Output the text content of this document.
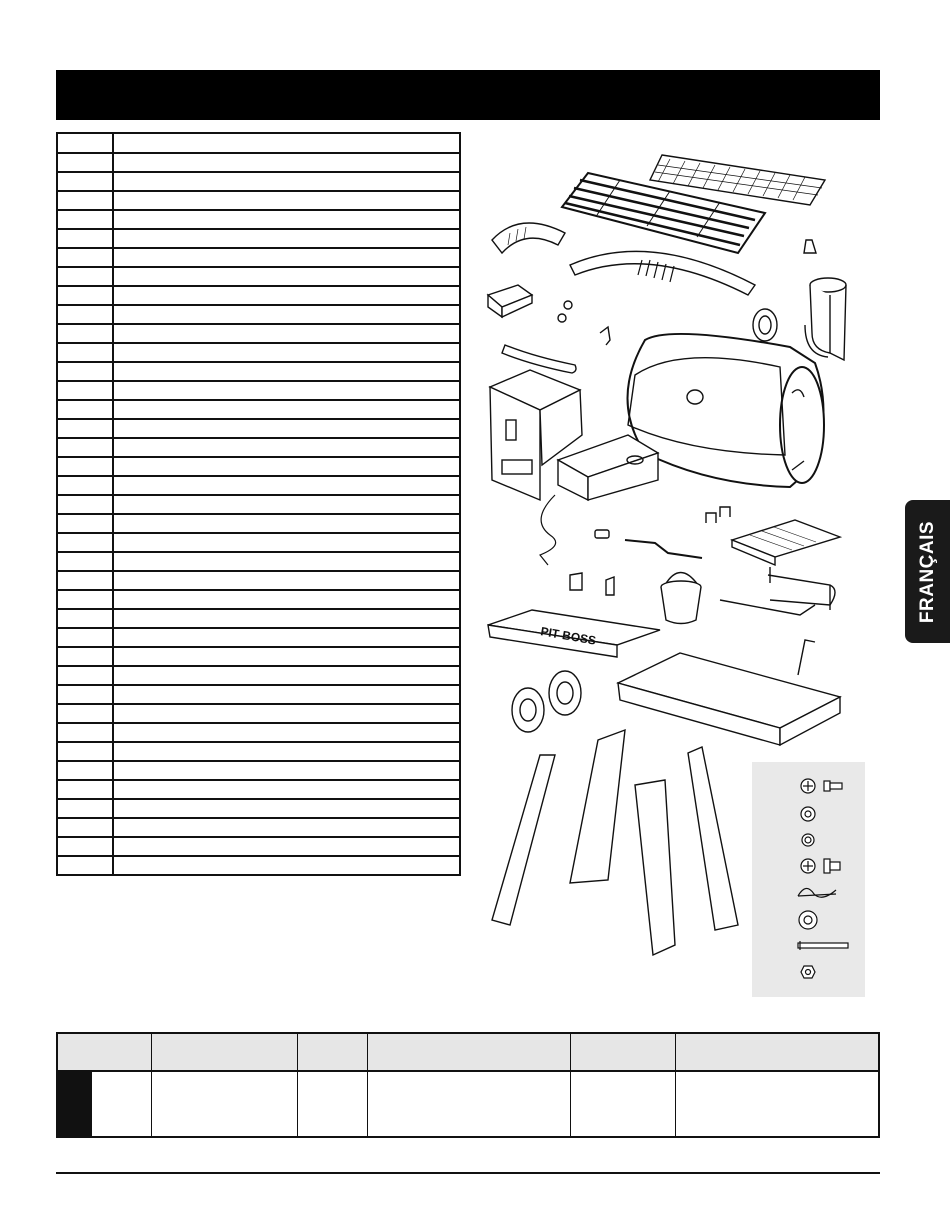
PIT BOSS
FRANÇAIS
